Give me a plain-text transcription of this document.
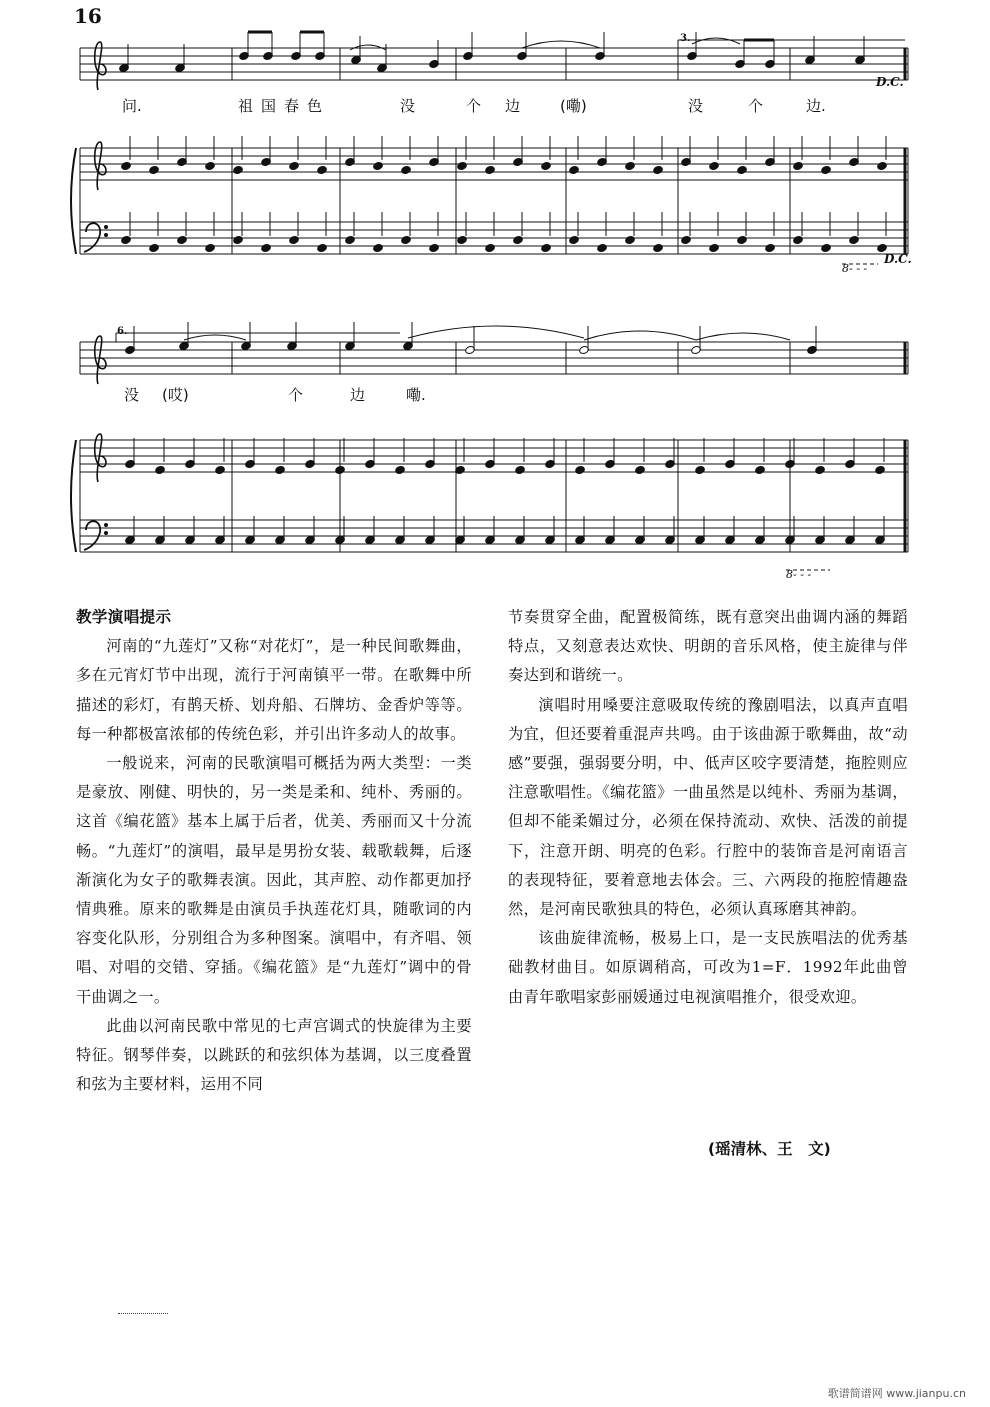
16
3.
D.C.
问.	祖国春色	没	个边 (嘞)	没	个	边.
D.C.
8- - -
6.
没 (哎)	个	边	嘞.
8- - -
教学演唱提示

河南的“九莲灯”又称“对花灯”，是一种民间歌舞曲，多在元宵灯节中出现，流行于河南镇平一带。在歌舞中所描述的彩灯，有鹊天桥、划舟船、石牌坊、金香炉等等。每一种都极富浓郁的传统色彩，并引出许多动人的故事。

一般说来，河南的民歌演唱可概括为两大类型：一类是豪放、刚健、明快的，另一类是柔和、纯朴、秀丽的。这首《编花篮》基本上属于后者，优美、秀丽而又十分流畅。“九莲灯”的演唱，最早是男扮女装、载歌载舞，后逐渐演化为女子的歌舞表演。因此，其声腔、动作都更加抒情典雅。原来的歌舞是由演员手执莲花灯具，随歌词的内容变化队形，分别组合为多种图案。演唱中，有齐唱、领唱、对唱的交错、穿插。《编花篮》是“九莲灯”调中的骨干曲调之一。

此曲以河南民歌中常见的七声宫调式的快旋律为主要特征。钢琴伴奏，以跳跃的和弦织体为基调，以三度叠置和弦为主要材料，运用不同

节奏贯穿全曲，配置极简练，既有意突出曲调内涵的舞蹈特点，又刻意表达欢快、明朗的音乐风格，使主旋律与伴奏达到和谐统一。

演唱时用嗓要注意吸取传统的豫剧唱法，以真声直唱为宜，但还要着重混声共鸣。由于该曲源于歌舞曲，故“动感”要强，强弱要分明，中、低声区咬字要清楚，拖腔则应注意歌唱性。《编花篮》一曲虽然是以纯朴、秀丽为基调，但却不能柔媚过分，必须在保持流动、欢快、活泼的前提下，注意开朗、明亮的色彩。行腔中的装饰音是河南语言的表现特征，要着意地去体会。三、六两段的拖腔情趣盎然，是河南民歌独具的特色，必须认真琢磨其神韵。

该曲旋律流畅，极易上口，是一支民族唱法的优秀基础教材曲目。如原调稍高，可改为1=F．1992年此曲曾由青年歌唱家彭丽媛通过电视演唱推介，很受欢迎。

(瑶清林、王　文)
歌谱简谱网 www.jianpu.cn
